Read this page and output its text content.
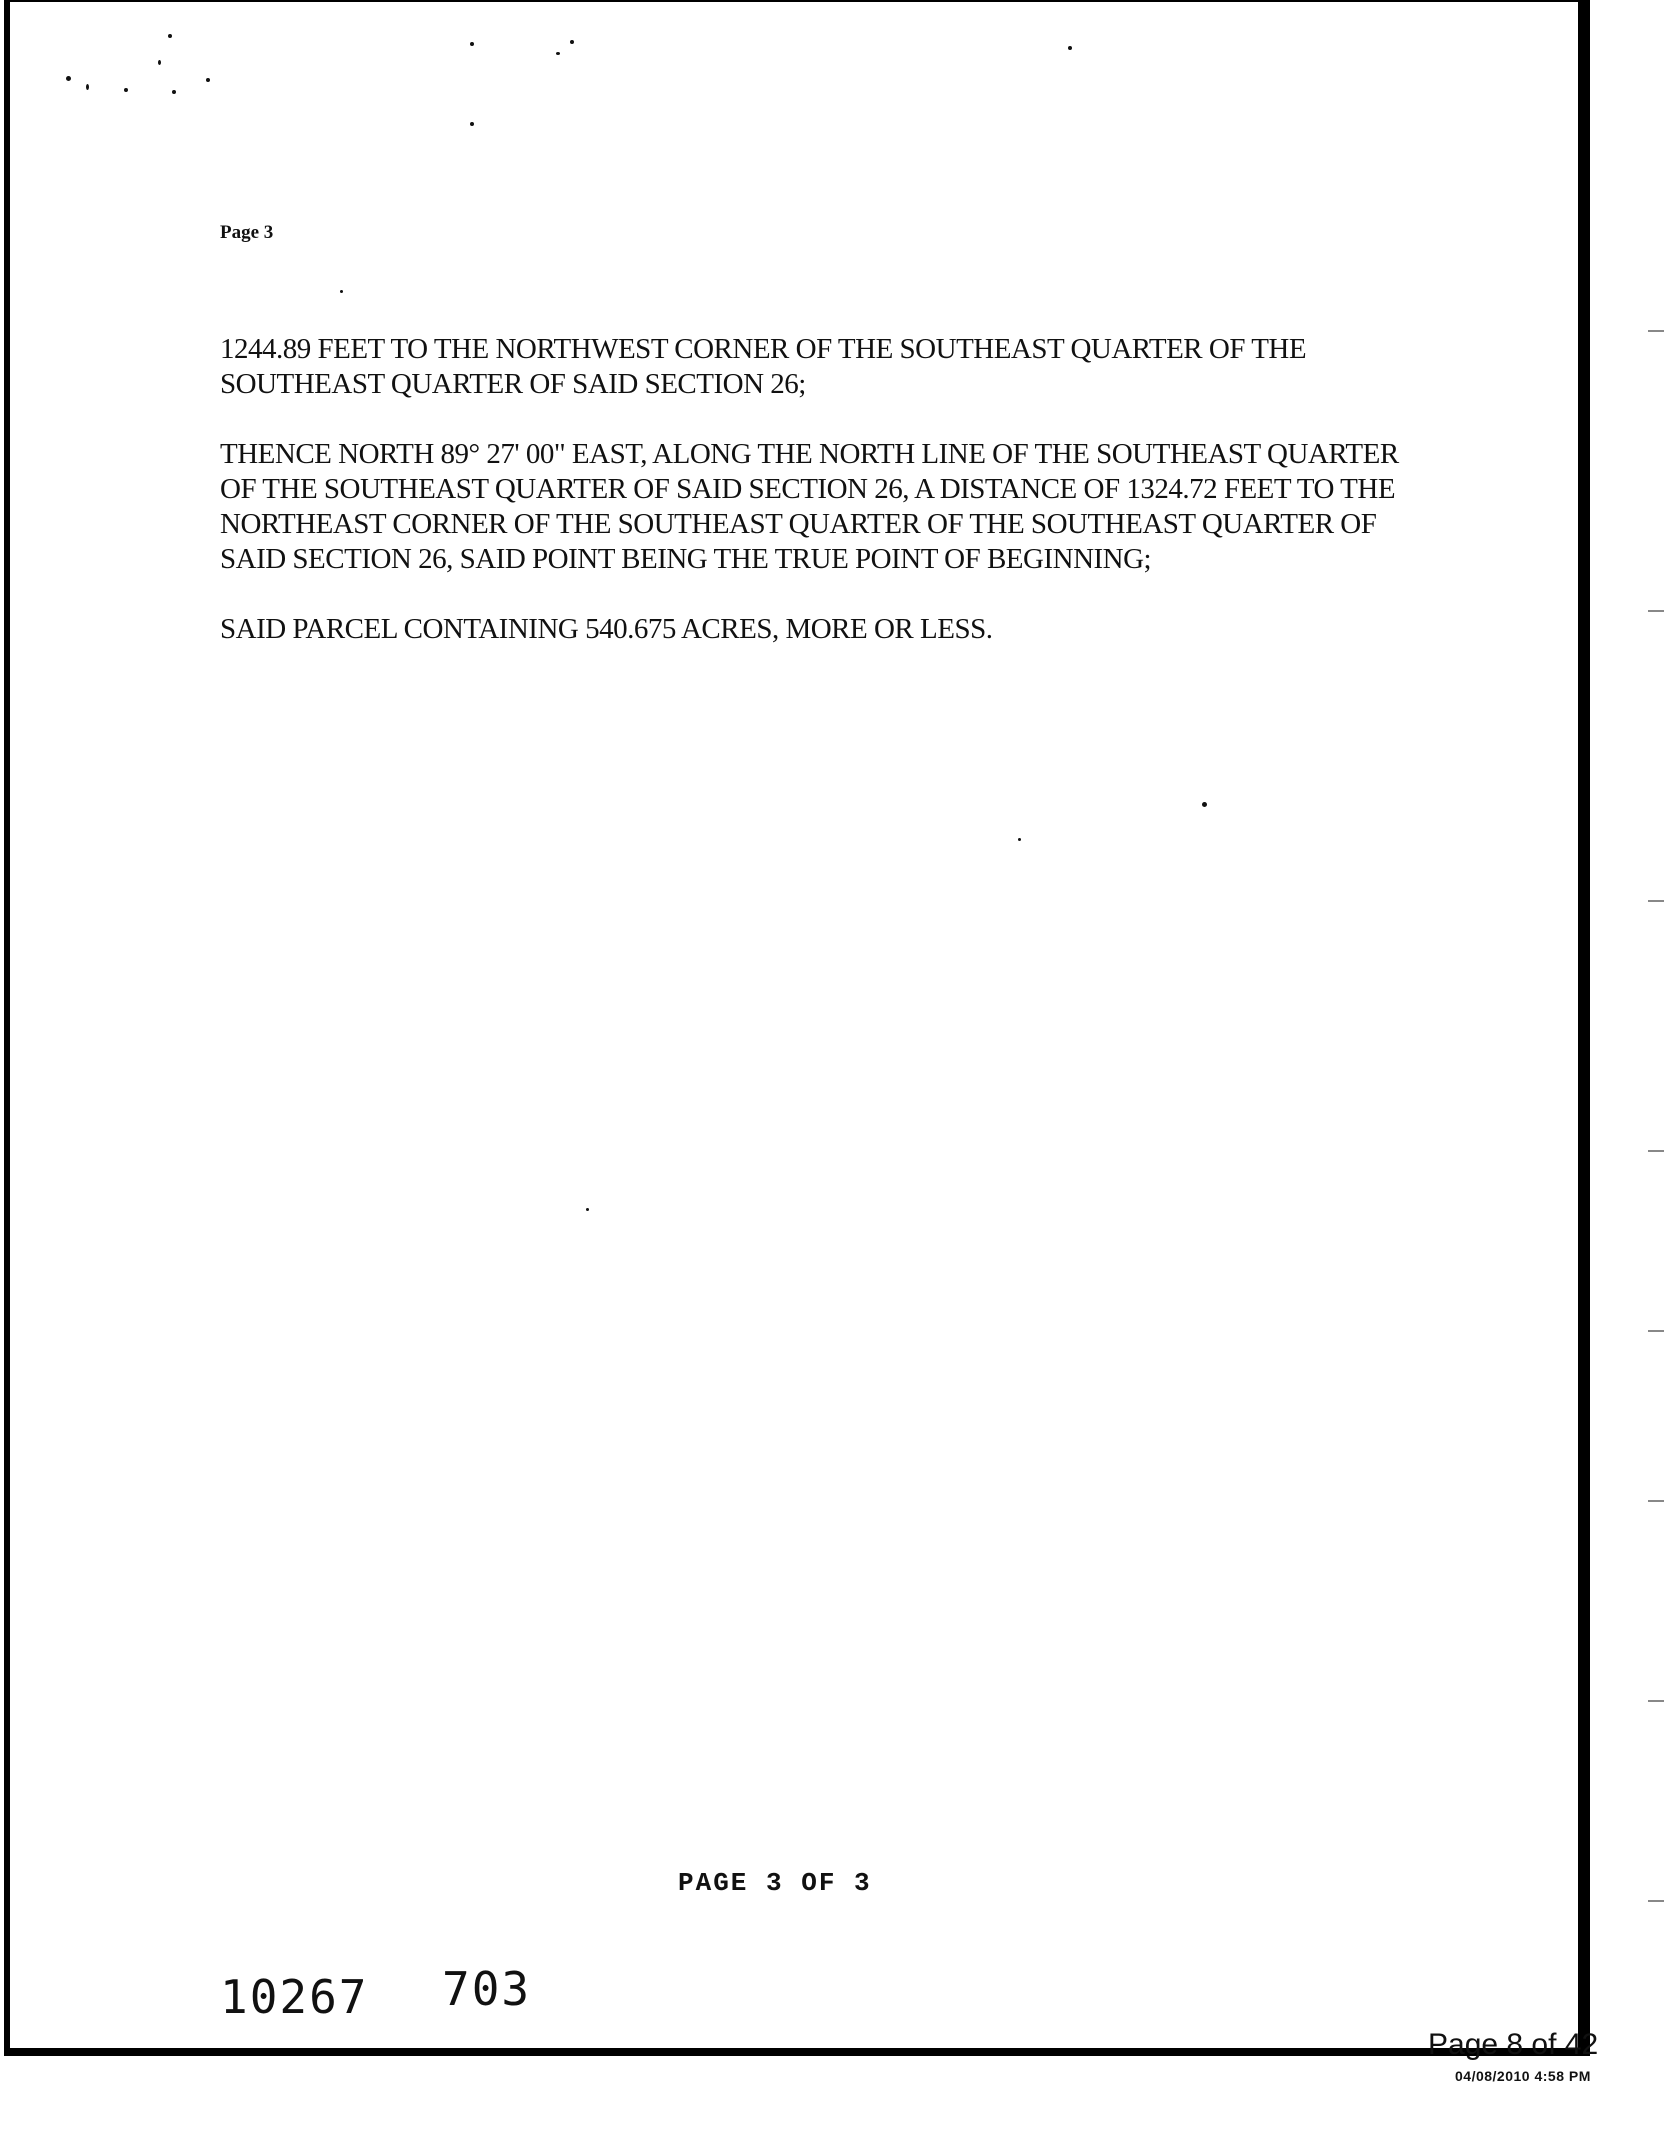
Page 3

1244.89 FEET TO THE NORTHWEST CORNER OF THE SOUTHEAST QUARTER OF THE SOUTHEAST QUARTER OF SAID SECTION 26;

THENCE NORTH 89° 27' 00" EAST, ALONG THE NORTH LINE OF THE SOUTHEAST QUARTER OF THE SOUTHEAST QUARTER OF SAID SECTION 26, A DISTANCE OF 1324.72 FEET TO THE NORTHEAST CORNER OF THE SOUTHEAST QUARTER OF THE SOUTHEAST QUARTER OF SAID SECTION 26, SAID POINT BEING THE TRUE POINT OF BEGINNING;

SAID PARCEL CONTAINING 540.675 ACRES, MORE OR LESS.

PAGE 3 OF 3
10267 703
Page 8 of 42
04/08/2010 4:58 PM
